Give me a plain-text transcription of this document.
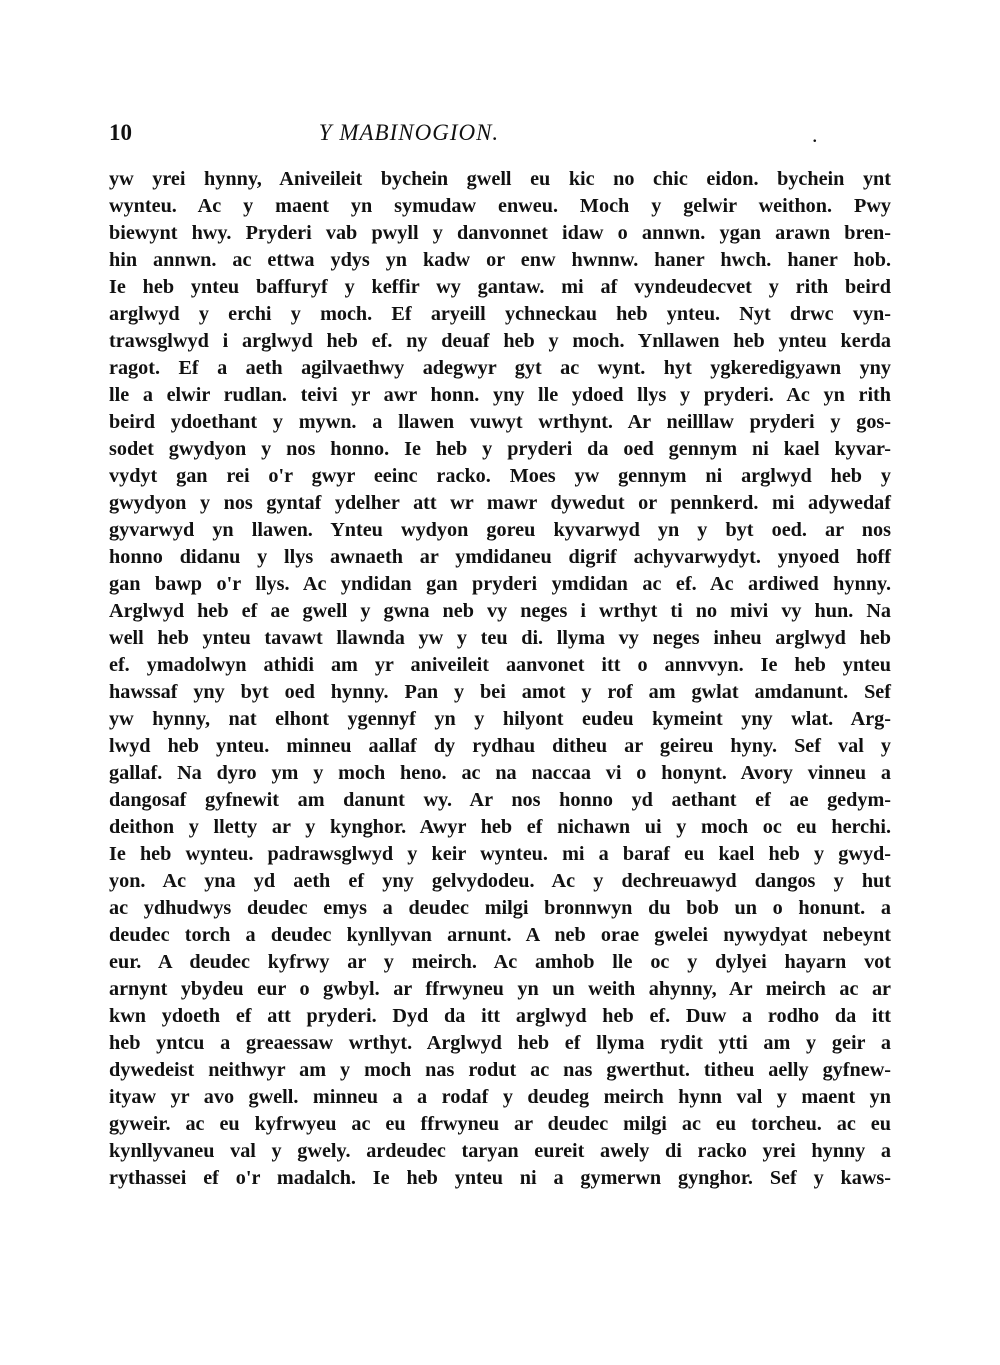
10	Y MABINOGION.	.
yw yrei hynny, Aniveileit bychein gwell eu kic no chic eidon. bychein ynt
wynteu. Ac y maent yn symudaw enweu. Moch y gelwir weithon. Pwy
biewynt hwy. Pryderi vab pwyll y danvonnet idaw o annwn. ygan arawn bren-
hin annwn. ac ettwa ydys yn kadw or enw hwnnw. haner hwch. haner hob.
Ie heb ynteu baffuryf y keffir wy gantaw. mi af vyndeudecvet y rith beird
arglwyd y erchi y moch. Ef aryeill ychneckau heb ynteu. Nyt drwc vyn-
trawsglwyd i arglwyd heb ef. ny deuaf heb y moch. Ynllawen heb ynteu kerda
ragot. Ef a aeth agilvaethwy adegwyr gyt ac wynt. hyt ygkeredigyawn yny
lle a elwir rudlan. teivi yr awr honn. yny lle ydoed llys y pryderi. Ac yn rith
beird ydoethant y mywn. a llawen vuwyt wrthynt. Ar neilllaw pryderi y gos-
sodet gwydyon y nos honno. Ie heb y pryderi da oed gennym ni kael kyvar-
vydyt gan rei o'r gwyr eeinc racko. Moes yw gennym ni arglwyd heb y
gwydyon y nos gyntaf ydelher att wr mawr dywedut or pennkerd. mi adywedaf
gyvarwyd yn llawen. Ynteu wydyon goreu kyvarwyd yn y byt oed. ar nos
honno didanu y llys awnaeth ar ymdidaneu digrif achyvarwydyt. ynyoed hoff
gan bawp o'r llys. Ac yndidan gan pryderi ymdidan ac ef. Ac ardiwed hynny.
Arglwyd heb ef ae gwell y gwna neb vy neges i wrthyt ti no mivi vy hun. Na
well heb ynteu tavawt llawnda yw y teu di. llyma vy neges inheu arglwyd heb
ef. ymadolwyn athidi am yr aniveileit aanvonet itt o annvvyn. Ie heb ynteu
hawssaf yny byt oed hynny. Pan y bei amot y rof am gwlat amdanunt. Sef
yw hynny, nat elhont ygennyf yn y hilyont eudeu kymeint yny wlat. Arg-
lwyd heb ynteu. minneu aallaf dy rydhau ditheu ar geireu hyny. Sef val y
gallaf. Na dyro ym y moch heno. ac na naccaa vi o honynt. Avory vinneu a
dangosaf gyfnewit am danunt wy. Ar nos honno yd aethant ef ae gedym-
deithon y lletty ar y kynghor. Awyr heb ef nichawn ui y moch oc eu herchi.
Ie heb wynteu. padrawsglwyd y keir wynteu. mi a baraf eu kael heb y gwyd-
yon. Ac yna yd aeth ef yny gelvydodeu. Ac y dechreuawyd dangos y hut
ac ydhudwys deudec emys a deudec milgi bronnwyn du bob un o honunt. a
deudec torch a deudec kynllyvan arnunt. A neb orae gwelei nywydyat nebeynt
eur. A deudec kyfrwy ar y meirch. Ac amhob lle oc y dylyei hayarn vot
arnynt ybydeu eur o gwbyl. ar ffrwyneu yn un weith ahynny, Ar meirch ac ar
kwn ydoeth ef att pryderi. Dyd da itt arglwyd heb ef. Duw a rodho da itt
heb yntcu a greaessaw wrthyt. Arglwyd heb ef llyma rydit ytti am y geir a
dywedeist neithwyr am y moch nas rodut ac nas gwerthut. titheu aelly gyfnew-
ityaw yr avo gwell. minneu a a rodaf y deudeg meirch hynn val y maent yn
gyweir. ac eu kyfrwyeu ac eu ffrwyneu ar deudec milgi ac eu torcheu. ac eu
kynllyvaneu val y gwely. ardeudec taryan eureit awely di racko yrei hynny a
rythassei ef o'r madalch. Ie heb ynteu ni a gymerwn gynghor. Sef y kaws-
